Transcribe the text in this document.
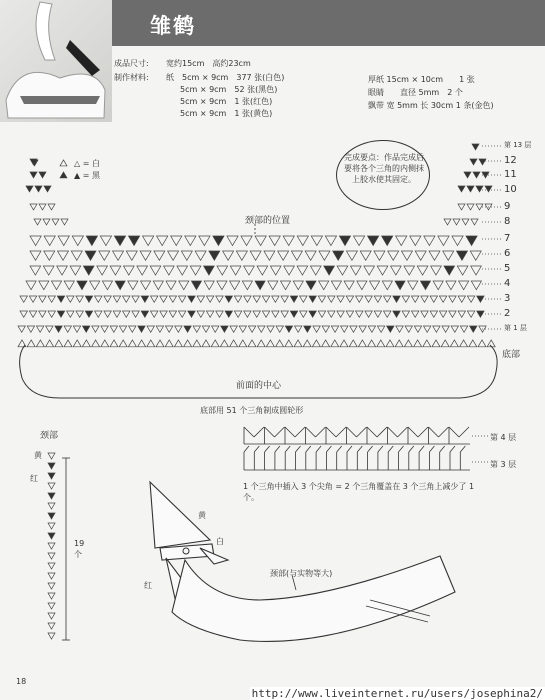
雏鹤
成品尺寸: 宽约15cm　高约23cm
制作材料: 纸　5cm × 9cm　377 张(白色)
5cm × 9cm　52 张(黑色)
5cm × 9cm　1 张(红色)
5cm × 9cm　1 张(黄色)
厚纸 15cm × 10cm　　1 张
眼睛　　直径 5mm　2 个
飘带 宽 5mm 长 30cm 1 条(金色)
△ = 白
▲ = 黑
完成要点：作品完成后要将各个三角的内侧抹上胶水使其固定。
第 13 层
12
11
10
9
8
7
6
5
4
3
2
第 1 层
颈部的位置
底部
前面的中心
底部用 51 个三角制成圆轮形
第 4 层
第 3 层
1 个三角中插入 3 个尖角 = 2 个三角覆盖在 3 个三角上减少了 1 个。
颈部
黄
红
19 个
黄
白
红
颈部(与实物等大)
18
http://www.liveinternet.ru/users/josephina2/
